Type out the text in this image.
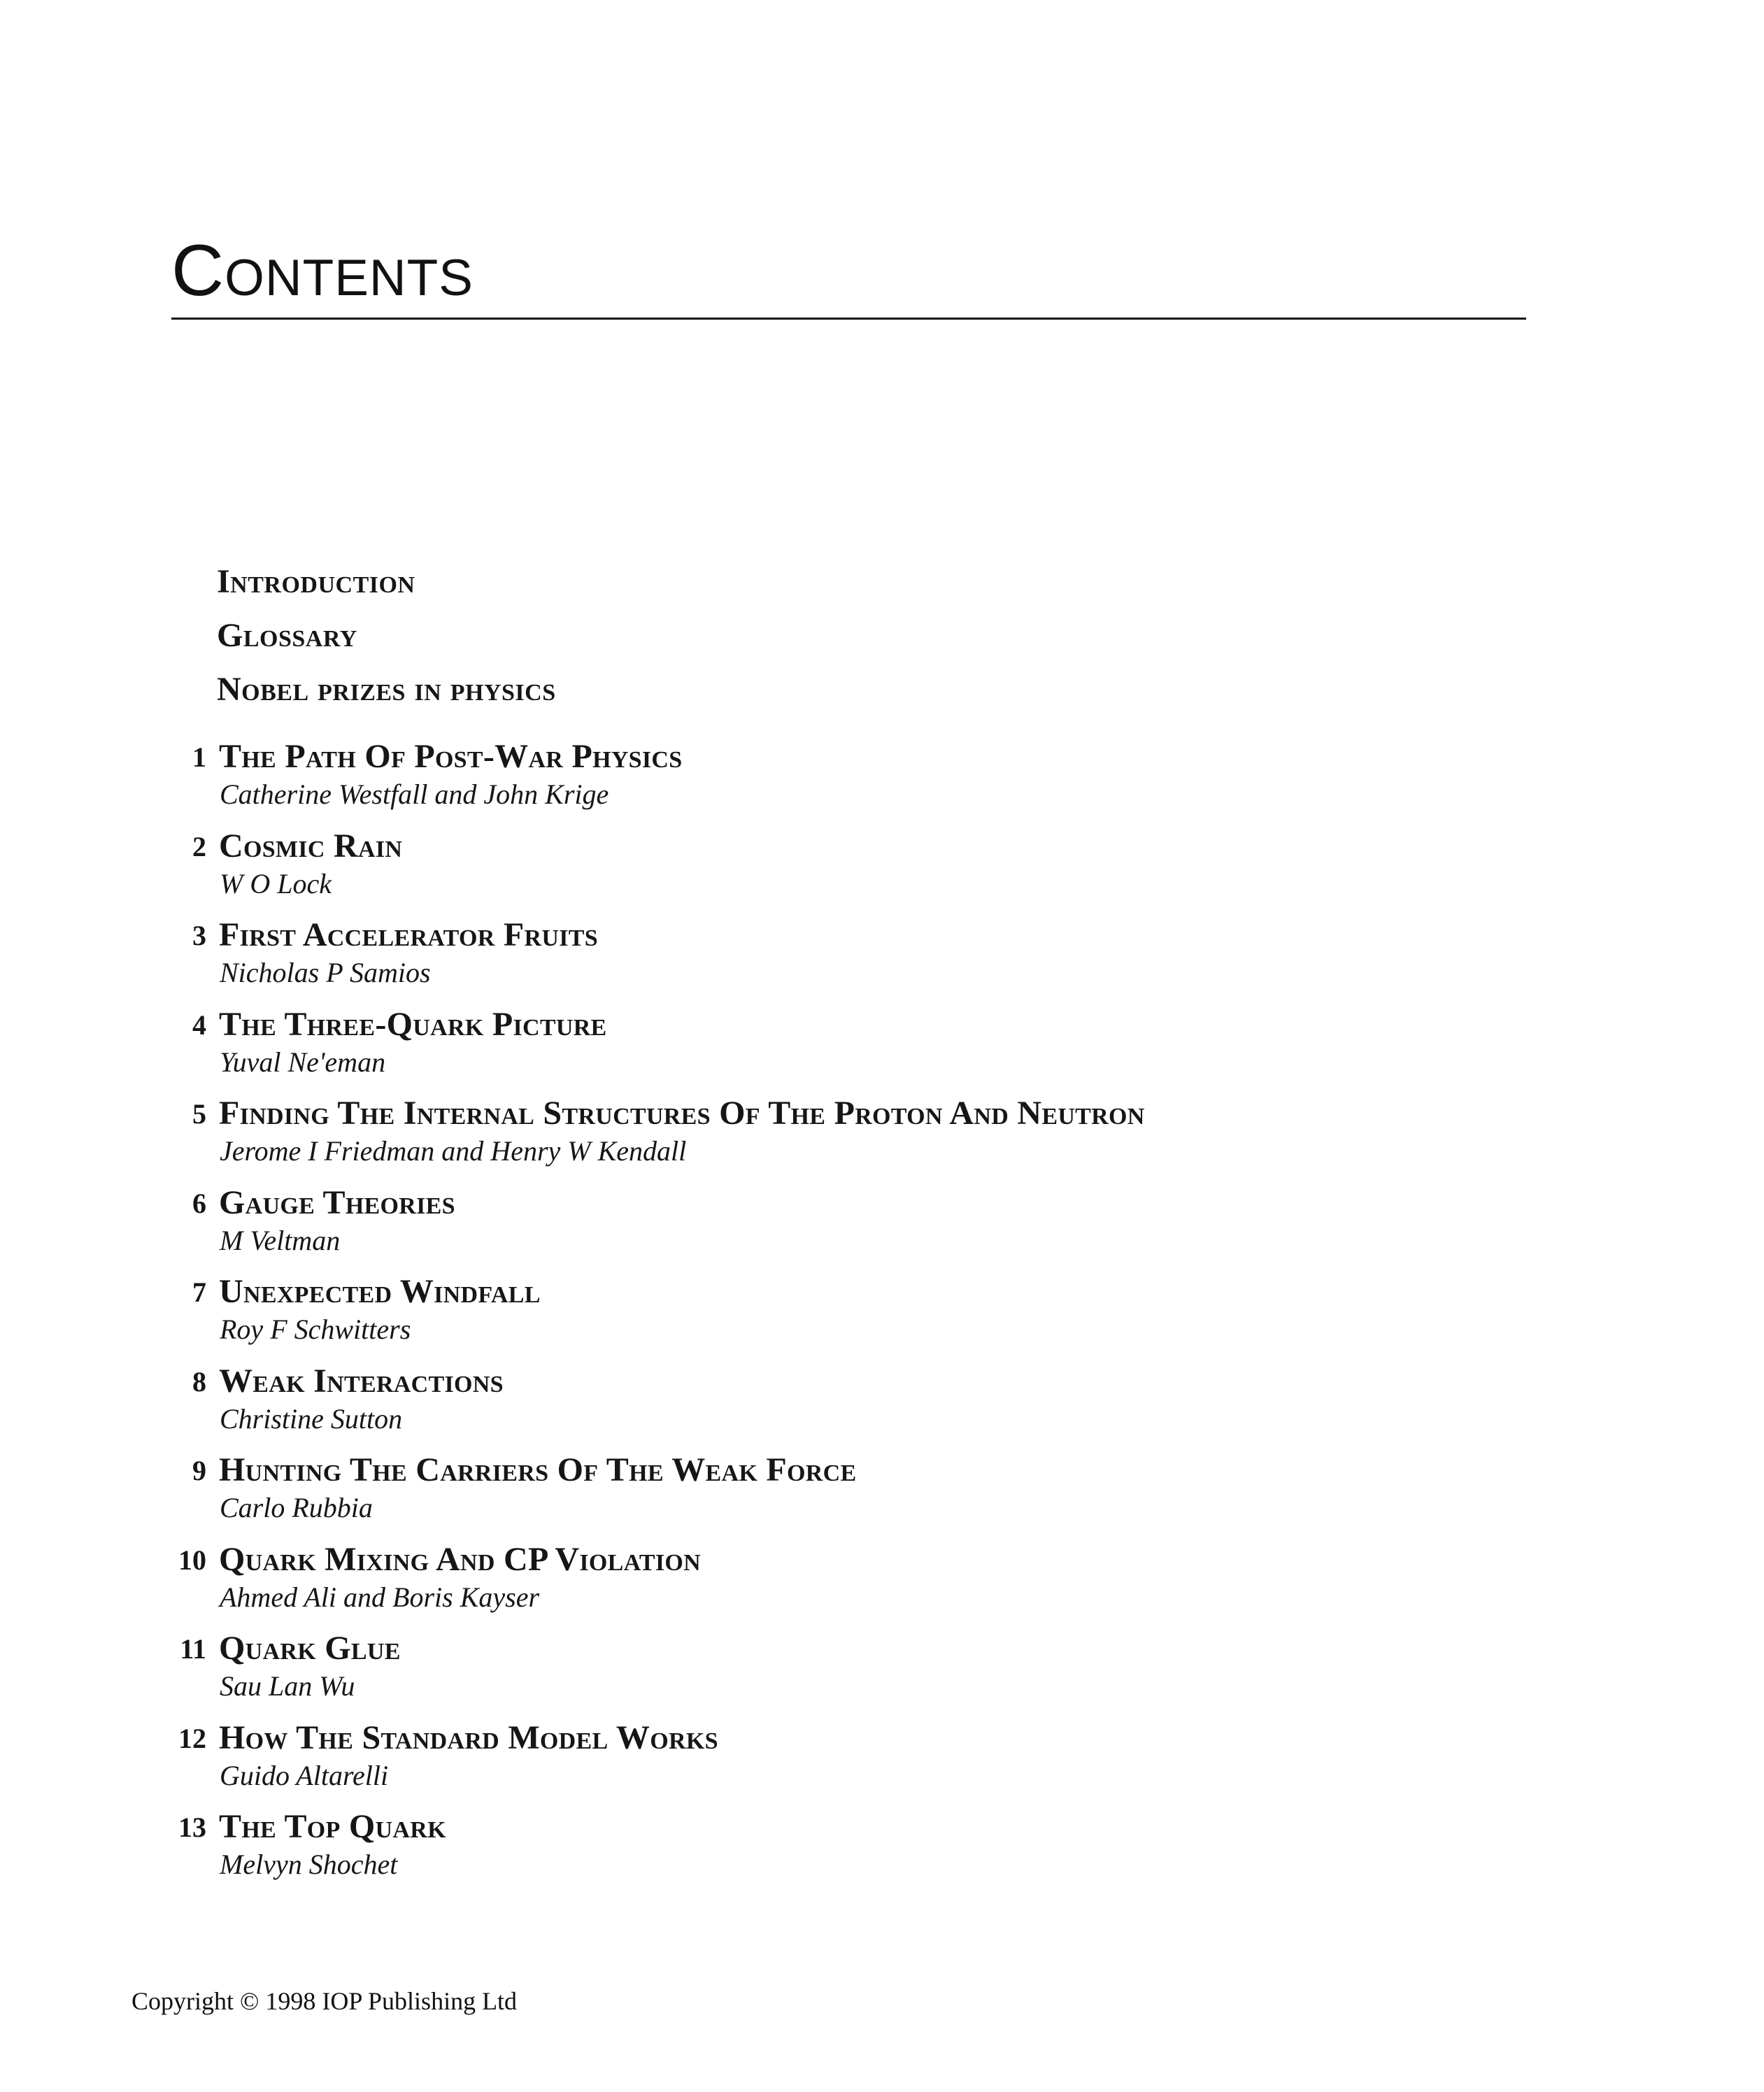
Contents
Introduction
Glossary
Nobel prizes in physics
1 The Path Of Post-War Physics
Catherine Westfall and John Krige
2 Cosmic Rain
W O Lock
3 First Accelerator Fruits
Nicholas P Samios
4 The Three-Quark Picture
Yuval Ne'eman
5 Finding The Internal Structures Of The Proton And Neutron
Jerome I Friedman and Henry W Kendall
6 Gauge Theories
M Veltman
7 Unexpected Windfall
Roy F Schwitters
8 Weak Interactions
Christine Sutton
9 Hunting The Carriers Of The Weak Force
Carlo Rubbia
10 Quark Mixing And CP Violation
Ahmed Ali and Boris Kayser
11 Quark Glue
Sau Lan Wu
12 How The Standard Model Works
Guido Altarelli
13 The Top Quark
Melvyn Shochet
Copyright © 1998 IOP Publishing Ltd
